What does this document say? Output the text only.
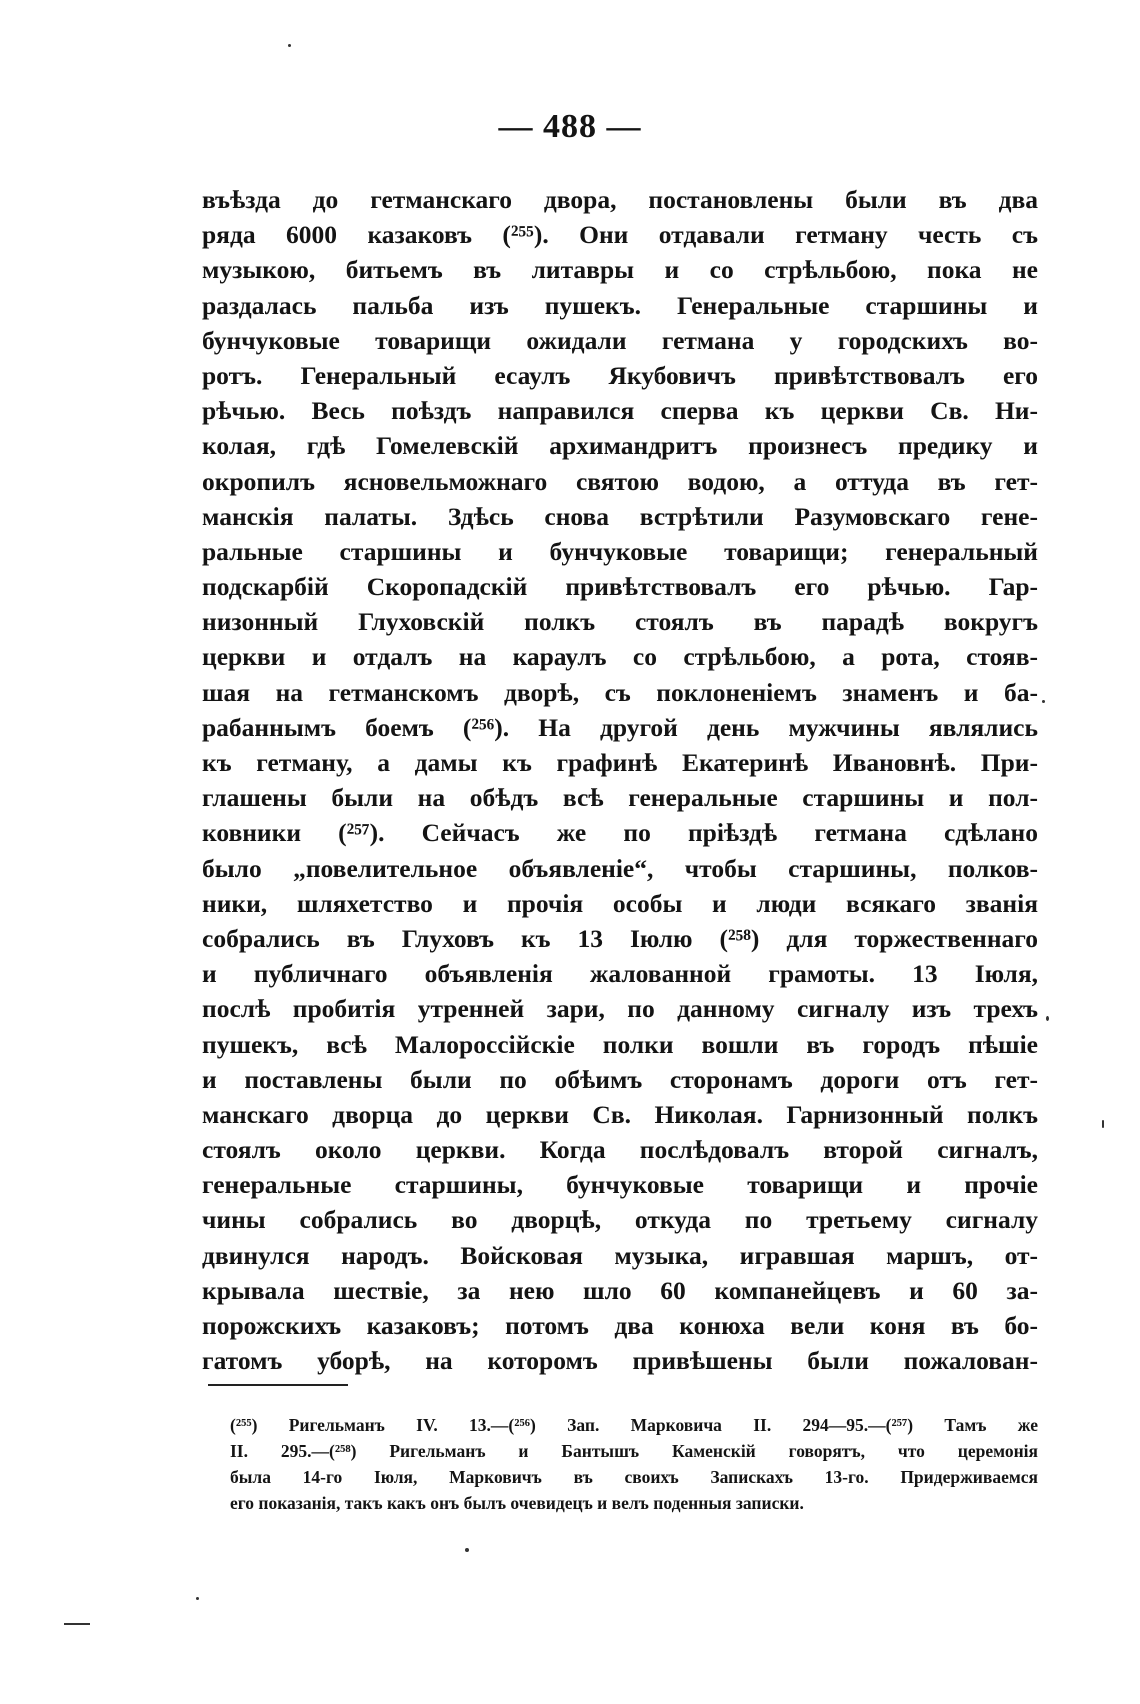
— 488 —
въѣзда до гетманскаго двора, постановлены были въ два
ряда 6000 казаковъ (²⁵⁵). Они отдавали гетману честь съ
музыкою, битьемъ въ литавры и со стрѣльбою, пока не
раздалась пальба изъ пушекъ. Генеральные старшины и
бунчуковые товарищи ожидали гетмана у городскихъ во-
ротъ. Генеральный есаулъ Якубовичъ привѣтствовалъ его
рѣчью. Весь поѣздъ направился сперва къ церкви Св. Ни-
колая, гдѣ Гомелевскій архимандритъ произнесъ предику и
окропилъ ясновельможнаго святою водою, а оттуда въ гет-
манскія палаты. Здѣсь снова встрѣтили Разумовскаго гене-
ральные старшины и бунчуковые товарищи; генеральный
подскарбій Скоропадскій привѣтствовалъ его рѣчью. Гар-
низонный Глуховскій полкъ стоялъ въ парадѣ вокругъ
церкви и отдалъ на караулъ со стрѣльбою, а рота, стояв-
шая на гетманскомъ дворѣ, съ поклоненіемъ знаменъ и ба-
рабаннымъ боемъ (²⁵⁶). На другой день мужчины являлись
къ гетману, а дамы къ графинѣ Екатеринѣ Ивановнѣ. При-
глашены были на обѣдъ всѣ генеральные старшины и пол-
ковники (²⁵⁷). Сейчасъ же по пріѣздѣ гетмана сдѣлано
было „повелительное объявленіе“, чтобы старшины, полков-
ники, шляхетство и прочія особы и люди всякаго званія
собрались въ Глуховъ къ 13 Іюлю (²⁵⁸) для торжественнаго
и публичнаго объявленія жалованной грамоты. 13 Іюля,
послѣ пробитія утренней зари, по данному сигналу изъ трехъ
пушекъ, всѣ Малороссійскіе полки вошли въ городъ пѣшіе
и поставлены были по обѣимъ сторонамъ дороги отъ гет-
манскаго дворца до церкви Св. Николая. Гарнизонный полкъ
стоялъ около церкви. Когда послѣдовалъ второй сигналъ,
генеральные старшины, бунчуковые товарищи и прочіе
чины собрались во дворцѣ, откуда по третьему сигналу
двинулся народъ. Войсковая музыка, игравшая маршъ, от-
крывала шествіе, за нею шло 60 компанейцевъ и 60 за-
порожскихъ казаковъ; потомъ два конюха вели коня въ бо-
гатомъ уборѣ, на которомъ привѣшены были пожалован-
(²⁵⁵) Ригельманъ IV. 13.—(²⁵⁶) Зап. Марковича II. 294—95.—(²⁵⁷) Тамъ же
II. 295.—(²⁵⁸) Ригельманъ и Бантышъ Каменскій говорятъ, что церемонія
была 14-го Іюля, Марковичъ въ своихъ Запискахъ 13-го. Придерживаемся
его показанія, такъ какъ онъ былъ очевидецъ и велъ поденныя записки.
